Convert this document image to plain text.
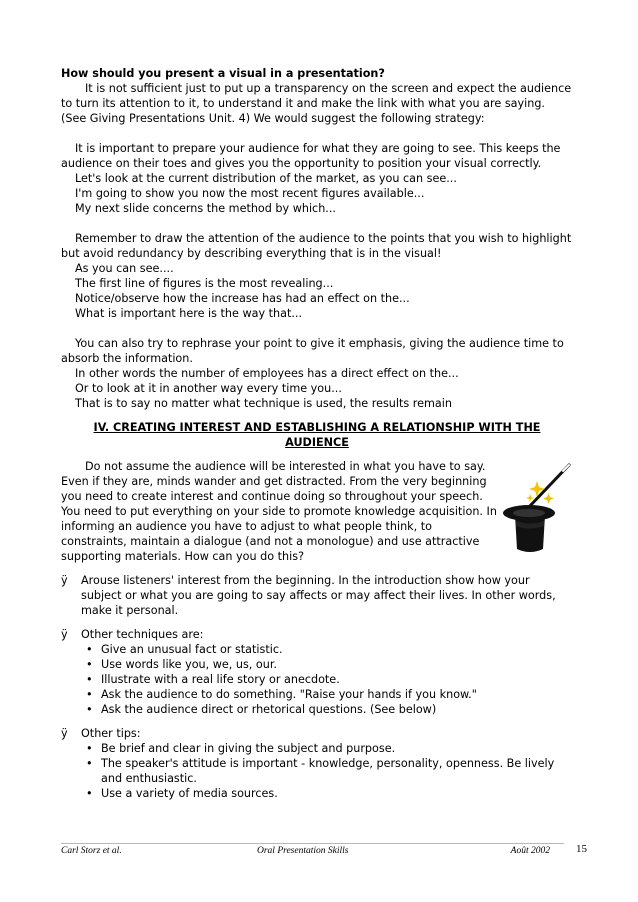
How should you present a visual in a presentation?

It is not sufficient just to put up a transparency on the screen and expect the audience to turn its attention to it, to understand it and make the link with what you are saying. (See Giving Presentations Unit. 4) We would suggest the following strategy:

It is important to prepare your audience for what they are going to see. This keeps the audience on their toes and gives you the opportunity to position your visual correctly.

Let's look at the current distribution of the market, as you can see...

I'm going to show you now the most recent figures available...

My next slide concerns the method by which...

Remember to draw the attention of the audience to the points that you wish to highlight but avoid redundancy by describing everything that is in the visual!

As you can see....

The first line of figures is the most revealing...

Notice/observe how the increase has had an effect on the...

What is important here is the way that...

You can also try to rephrase your point to give it emphasis, giving the audience time to absorb the information.

In other words the number of employees has a direct effect on the...

Or to look at it in another way every time you...

That is to say no matter what technique is used, the results remain

IV. CREATING INTEREST AND ESTABLISHING A RELATIONSHIP WITH THE AUDIENCE

Do not assume the audience will be interested in what you have to say. Even if they are, minds wander and get distracted. From the very beginning you need to create interest and continue doing so throughout your speech. You need to put everything on your side to promote knowledge acquisition. In informing an audience you have to adjust to what people think, to constraints, maintain a dialogue (and not a monologue) and use attractive supporting materials. How can you do this?

ÿ Arouse listeners' interest from the beginning. In the introduction show how your subject or what you are going to say affects or may affect their lives. In other words, make it personal.

ÿ Other techniques are:

• Give an unusual fact or statistic.
• Use words like you, we, us, our.
• Illustrate with a real life story or anecdote.
• Ask the audience to do something. "Raise your hands if you know."
• Ask the audience direct or rhetorical questions. (See below)
ÿ Other tips:

• Be brief and clear in giving the subject and purpose.
• The speaker's attitude is important - knowledge, personality, openness. Be lively and enthusiastic.
• Use a variety of media sources.
Carl Storz et al.	Oral Presentation Skills	Août 2002 15
